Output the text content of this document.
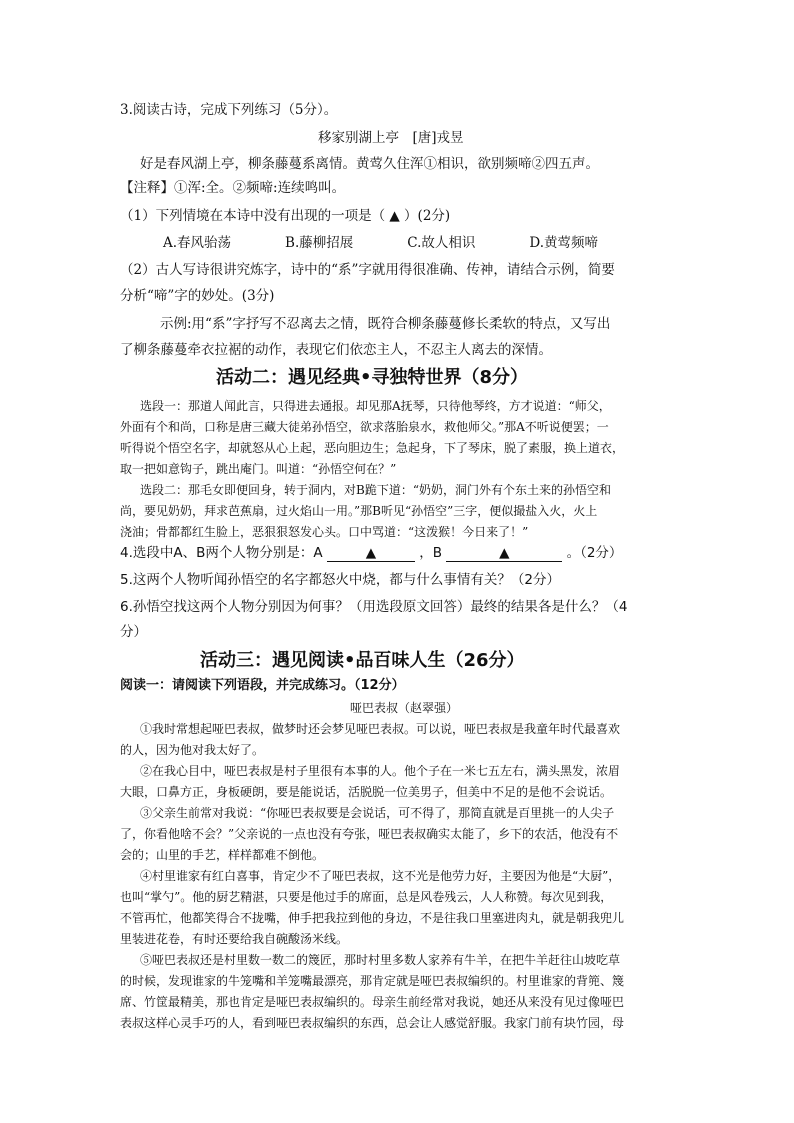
3.阅读古诗，完成下列练习（5分）。
移家别湖上亭　[唐]戎昱
好是春风湖上亭，柳条藤蔓系离情。黄莺久住浑①相识，欲别频啼②四五声。
【注释】①浑:全。②频啼:连续鸣叫。
（1）下列情境在本诗中没有出现的一项是（ ▲ ）(2分)
A.春风骀荡　　　　B.藤柳招展　　　　C.故人相识　　　　D.黄莺频啼
（2）古人写诗很讲究炼字，诗中的“系”字就用得很准确、传神，请结合示例，简要
分析“啼”字的妙处。(3分)
示例:用“系”字抒写不忍离去之情，既符合柳条藤蔓修长柔软的特点，又写出
了柳条藤蔓牵衣拉裾的动作，表现它们依恋主人，不忍主人离去的深情。
活动二：遇见经典•寻独特世界（8分）
选段一：那道人闻此言，只得进去通报。却见那A抚琴，只待他琴终，方才说道：“师父，
外面有个和尚，口称是唐三藏大徒弟孙悟空，欲求落胎泉水，救他师父。”那A不听说便罢；一
听得说个悟空名字，却就怒从心上起，恶向胆边生；急起身，下了琴床，脱了素服，换上道衣，
取一把如意钩子，跳出庵门。叫道：“孙悟空何在？”
选段二：那毛女即便回身，转于洞内，对B跪下道：“奶奶，洞门外有个东土来的孙悟空和
尚，要见奶奶，拜求芭蕉扇，过火焰山一用。”那B听见“孙悟空”三字，便似撮盐入火，火上
浇油；骨都都红生脸上，恶狠狠怒发心头。口中骂道：“这泼猴！今日来了！”
4.选段中A、B两个人物分别是：A	▲	，B	▲	。（2分）
5.这两个人物听闻孙悟空的名字都怒火中烧，都与什么事情有关？（2分）
6.孙悟空找这两个人物分别因为何事？（用选段原文回答）最终的结果各是什么？（4
分）
活动三：遇见阅读•品百味人生（26分）
阅读一：请阅读下列语段，并完成练习。（12分）
哑巴表叔（赵翠强）
①我时常想起哑巴表叔，做梦时还会梦见哑巴表叔。可以说，哑巴表叔是我童年时代最喜欢
的人，因为他对我太好了。
②在我心目中，哑巴表叔是村子里很有本事的人。他个子在一米七五左右，满头黑发，浓眉
大眼，口鼻方正，身板硬朗，要是能说话，活脱脱一位美男子，但美中不足的是他不会说话。
③父亲生前常对我说：“你哑巴表叔要是会说话，可不得了，那简直就是百里挑一的人尖子
了，你看他啥不会？”父亲说的一点也没有夸张，哑巴表叔确实太能了，乡下的农活，他没有不
会的；山里的手艺，样样都难不倒他。
④村里谁家有红白喜事，肯定少不了哑巴表叔，这不光是他劳力好，主要因为他是“大厨”，
也叫“掌勺”。他的厨艺精湛，只要是他过手的席面，总是风卷残云，人人称赞。每次见到我，
不管再忙，他都笑得合不拢嘴，伸手把我拉到他的身边，不是往我口里塞进肉丸，就是朝我兜儿
里装进花卷，有时还要给我自碗酸汤米线。
⑤哑巴表叔还是村里数一数二的篾匠，那时村里多数人家养有牛羊，在把牛羊赶往山坡吃草
的时候，发现谁家的牛笼嘴和羊笼嘴最漂亮，那肯定就是哑巴表叔编织的。村里谁家的背篼、篾
席、竹筐最精美，那也肯定是哑巴表叔编织的。母亲生前经常对我说，她还从来没有见过像哑巴
表叔这样心灵手巧的人，看到哑巴表叔编织的东西，总会让人感觉舒服。我家门前有块竹园，母
